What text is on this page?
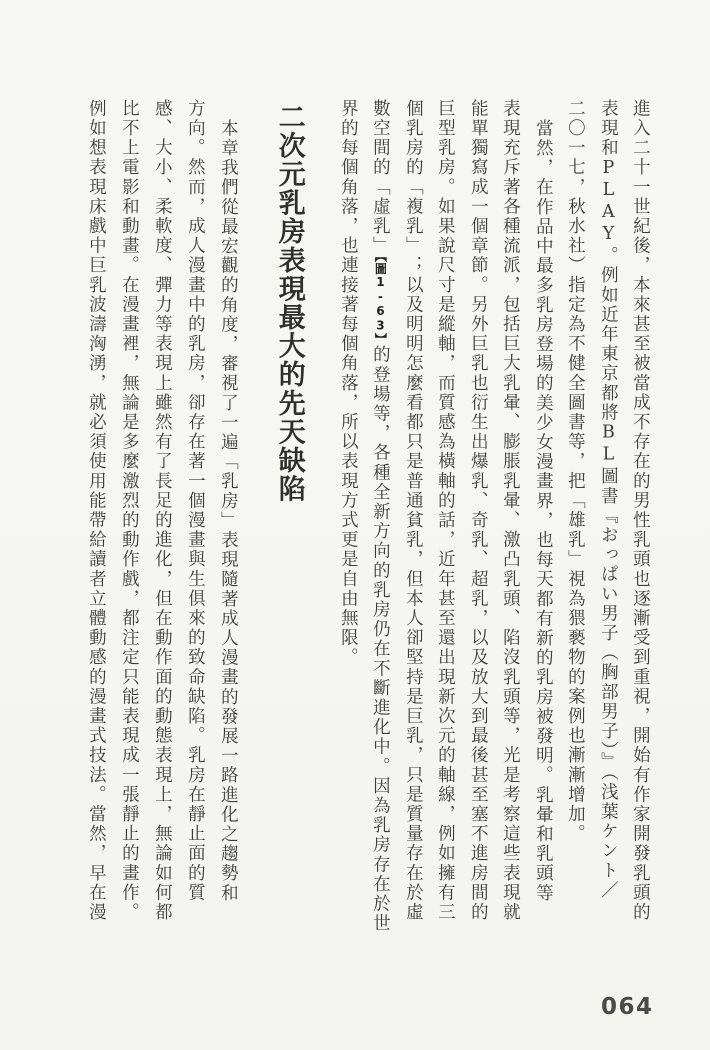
進入二十一世紀後，本來甚至被當成不存在的男性乳頭也逐漸受到重視，開始有作家開發乳頭的

表現和PLAY。例如近年東京都將BL圖書『おっぱい男子（胸部男子）』（浅葉ケント／

二〇一七，秋水社）指定為不健全圖書等，把「雄乳」視為猥褻物的案例也漸漸增加。

當然，在作品中最多乳房登場的美少女漫畫界，也每天都有新的乳房被發明。乳暈和乳頭等

表現充斥著各種流派，包括巨大乳暈、膨脹乳暈、激凸乳頭、陷沒乳頭等，光是考察這些表現就

能單獨寫成一個章節。另外巨乳也衍生出爆乳、奇乳、超乳，以及放大到最後甚至塞不進房間的

巨型乳房。如果說尺寸是縱軸，而質感為橫軸的話，近年甚至還出現新次元的軸線，例如擁有三

個乳房的「複乳」；以及明明怎麼看都只是普通貧乳，但本人卻堅持是巨乳，只是質量存在於虛

數空間的「虛乳」【圖1-63】的登場等，各種全新方向的乳房仍在不斷進化中。因為乳房存在於世

界的每個角落，也連接著每個角落，所以表現方式更是自由無限。

二次元乳房表現最大的先天缺陷

本章我們從最宏觀的角度，審視了一遍「乳房」表現隨著成人漫畫的發展一路進化之趨勢和

方向。然而，成人漫畫中的乳房，卻存在著一個漫畫與生俱來的致命缺陷。乳房在靜止面的質

感、大小、柔軟度、彈力等表現上雖然有了長足的進化，但在動作面的動態表現上，無論如何都

比不上電影和動畫。在漫畫裡，無論是多麼激烈的動作戲，都注定只能表現成一張靜止的畫作。

例如想表現床戲中巨乳波濤洶湧，就必須使用能帶給讀者立體動感的漫畫式技法。當然，早在漫

064
